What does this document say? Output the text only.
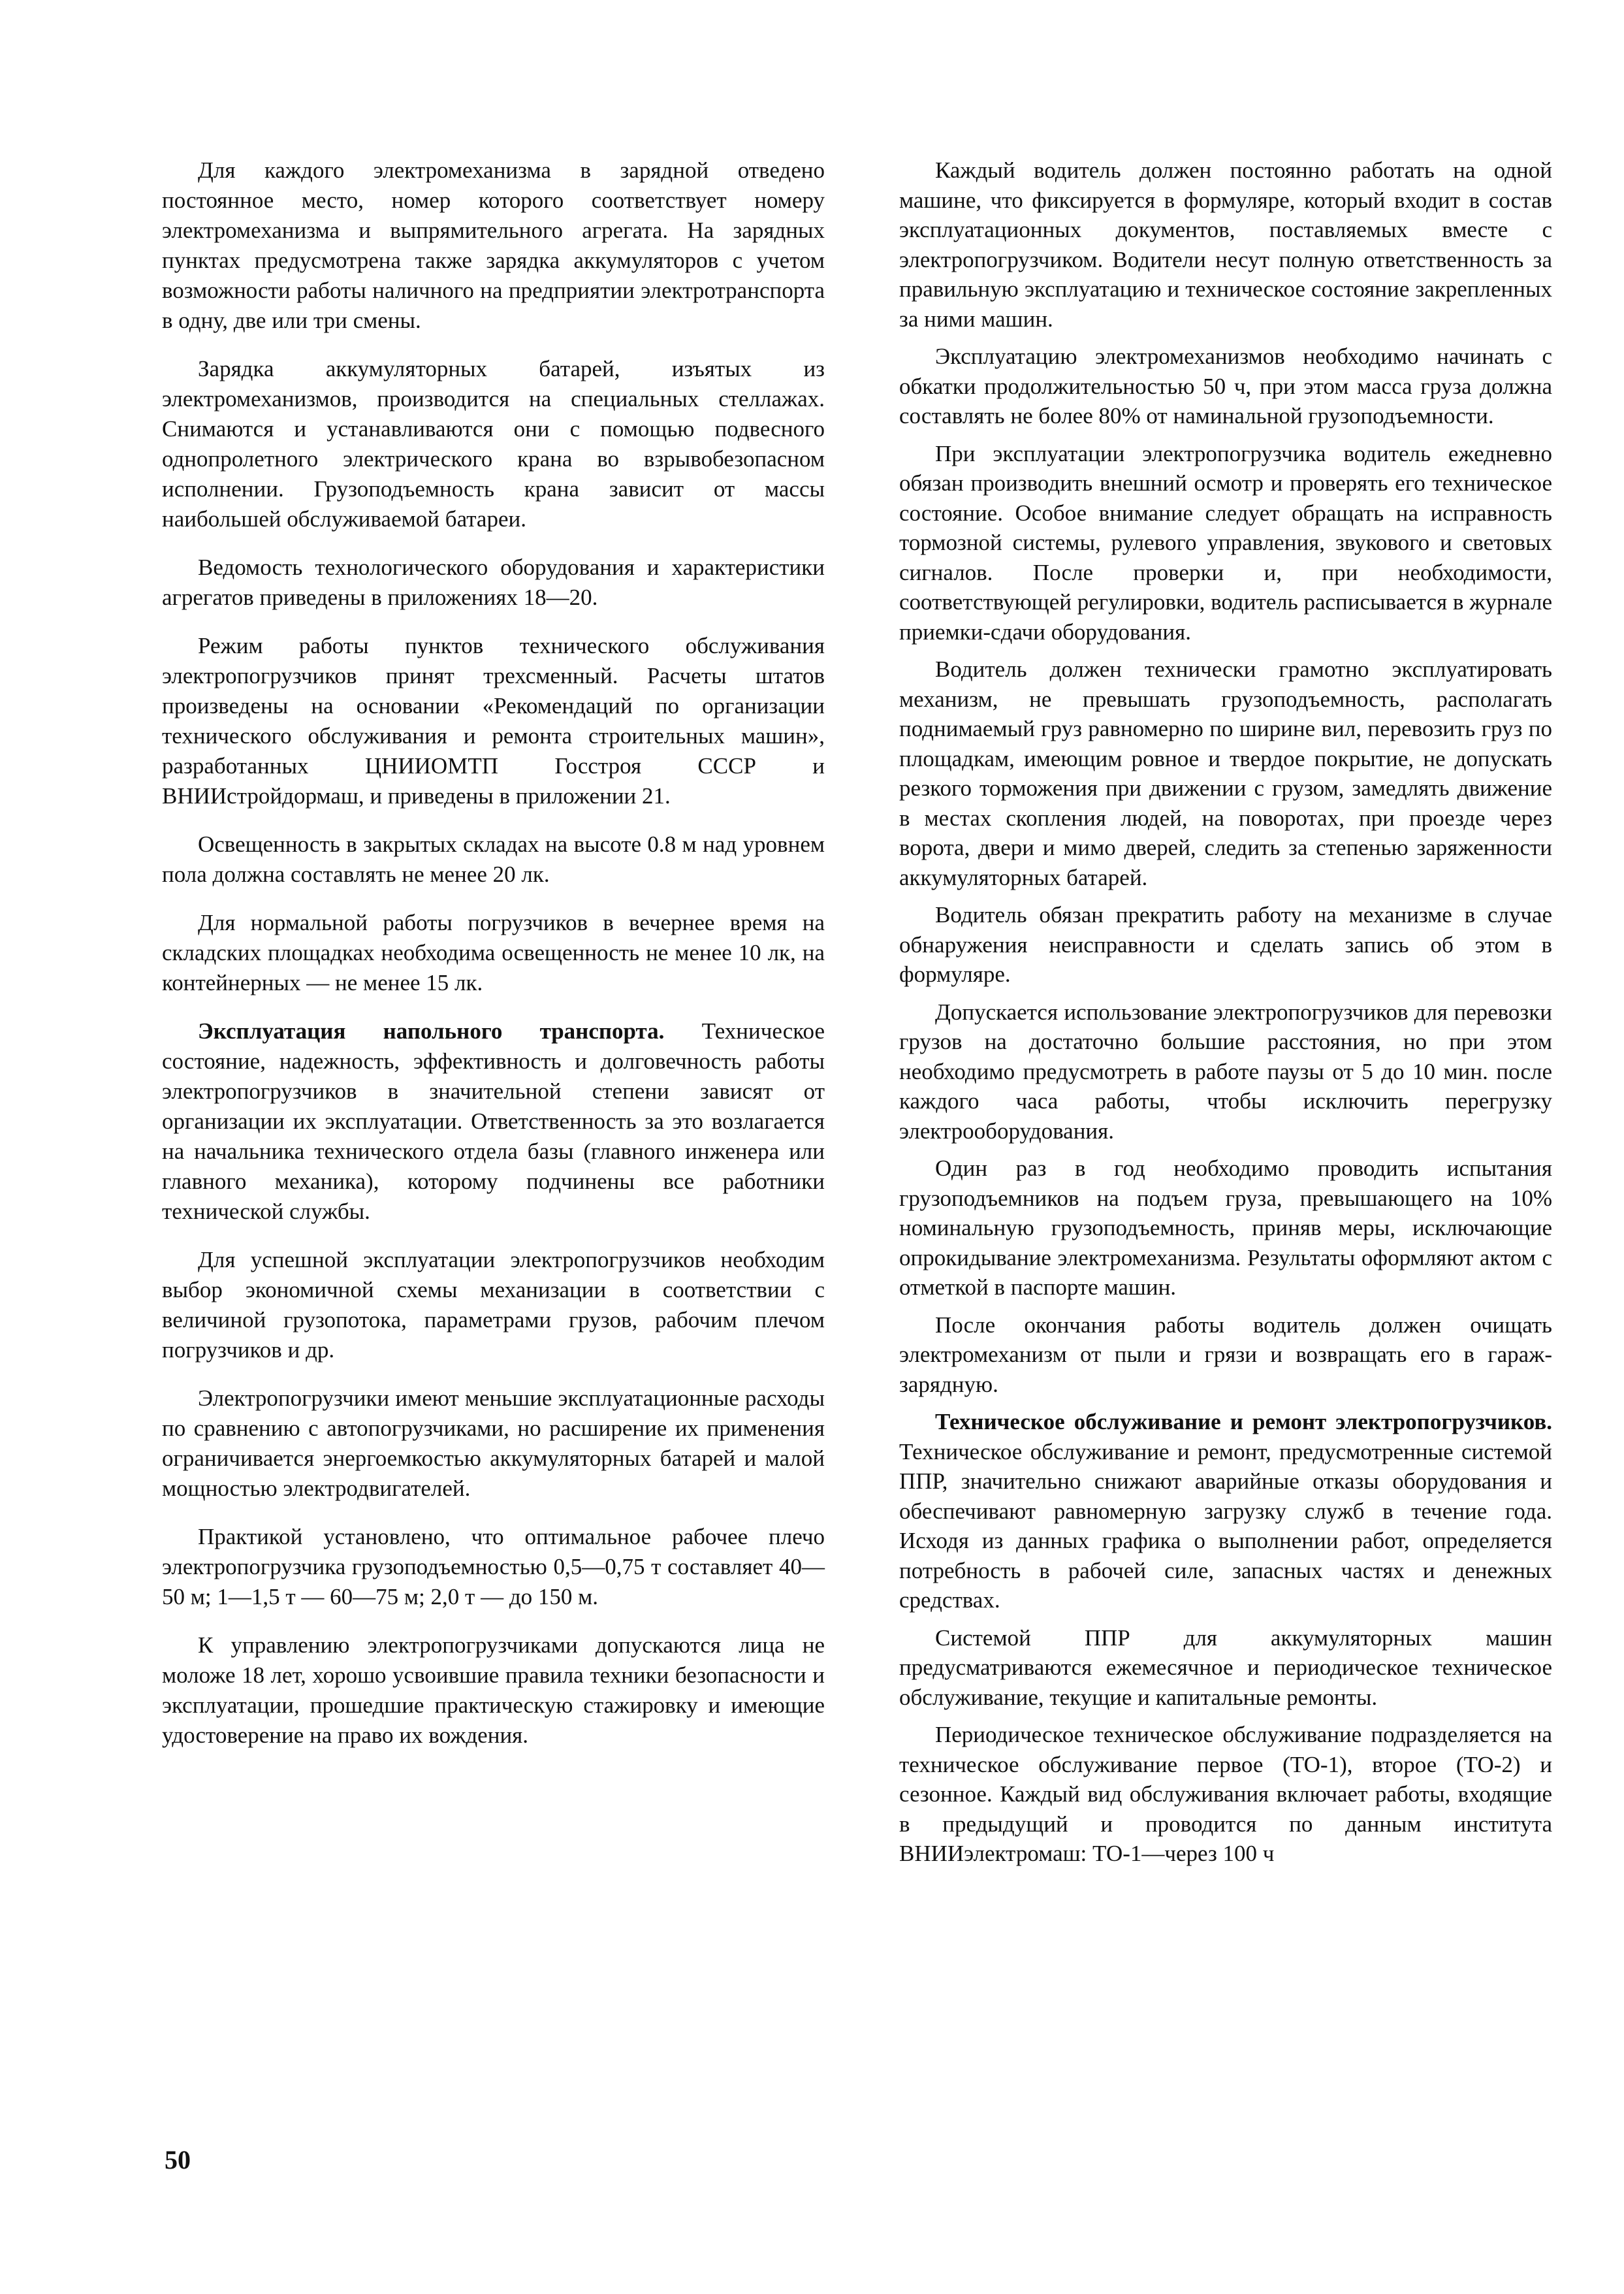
Для каждого электромеханизма в зарядной отведено постоянное место, номер которого соответствует номеру электромеханизма и выпрямительного агрегата. На зарядных пунктах предусмотрена также зарядка аккумуляторов с учетом возможности работы наличного на предприятии электротранспорта в одну, две или три смены.

Зарядка аккумуляторных батарей, изъятых из электромеханизмов, производится на специальных стеллажах. Снимаются и устанавливаются они с помощью подвесного однопролетного электрического крана во взрывобезопасном исполнении. Грузоподъемность крана зависит от массы наибольшей обслуживаемой батареи.

Ведомость технологического оборудования и характеристики агрегатов приведены в приложениях 18—20.

Режим работы пунктов технического обслуживания электропогрузчиков принят трехсменный. Расчеты штатов произведены на основании «Рекомендаций по организации технического обслуживания и ремонта строительных машин», разработанных ЦНИИОМТП Госстроя СССР и ВНИИстройдормаш, и приведены в приложении 21.

Освещенность в закрытых складах на высоте 0.8 м над уровнем пола должна составлять не менее 20 лк.

Для нормальной работы погрузчиков в вечернее время на складских площадках необходима освещенность не менее 10 лк, на контейнерных — не менее 15 лк.

Эксплуатация напольного транспорта. Техническое состояние, надежность, эффективность и долговечность работы электропогрузчиков в значительной степени зависят от организации их эксплуатации. Ответственность за это возлагается на начальника технического отдела базы (главного инженера или главного механика), которому подчинены все работники технической службы.

Для успешной эксплуатации электропогрузчиков необходим выбор экономичной схемы механизации в соответствии с величиной грузопотока, параметрами грузов, рабочим плечом погрузчиков и др.

Электропогрузчики имеют меньшие эксплуатационные расходы по сравнению с автопогрузчиками, но расширение их применения ограничивается энергоемкостью аккумуляторных батарей и малой мощностью электродвигателей.

Практикой установлено, что оптимальное рабочее плечо электропогрузчика грузоподъемностью 0,5—0,75 т составляет 40—50 м; 1—1,5 т — 60—75 м; 2,0 т — до 150 м.

К управлению электропогрузчиками допускаются лица не моложе 18 лет, хорошо усвоившие правила техники безопасности и эксплуатации, прошедшие практическую стажировку и имеющие удостоверение на право их вождения.

Каждый водитель должен постоянно работать на одной машине, что фиксируется в формуляре, который входит в состав эксплуатационных документов, поставляемых вместе с электропогрузчиком. Водители несут полную ответственность за правильную эксплуатацию и техническое состояние закрепленных за ними машин.

Эксплуатацию электромеханизмов необходимо начинать с обкатки продолжительностью 50 ч, при этом масса груза должна составлять не более 80% от наминальной грузоподъемности.

При эксплуатации электропогрузчика водитель ежедневно обязан производить внешний осмотр и проверять его техническое состояние. Особое внимание следует обращать на исправность тормозной системы, рулевого управления, звукового и световых сигналов. После проверки и, при необходимости, соответствующей регулировки, водитель расписывается в журнале приемки-сдачи оборудования.

Водитель должен технически грамотно эксплуатировать механизм, не превышать грузоподъемность, располагать поднимаемый груз равномерно по ширине вил, перевозить груз по площадкам, имеющим ровное и твердое покрытие, не допускать резкого торможения при движении с грузом, замедлять движение в местах скопления людей, на поворотах, при проезде через ворота, двери и мимо дверей, следить за степенью заряженности аккумуляторных батарей.

Водитель обязан прекратить работу на механизме в случае обнаружения неисправности и сделать запись об этом в формуляре.

Допускается использование электропогрузчиков для перевозки грузов на достаточно большие расстояния, но при этом необходимо предусмотреть в работе паузы от 5 до 10 мин. после каждого часа работы, чтобы исключить перегрузку электрооборудования.

Один раз в год необходимо проводить испытания грузоподъемников на подъем груза, превышающего на 10% номинальную грузоподъемность, приняв меры, исключающие опрокидывание электромеханизма. Результаты оформляют актом с отметкой в паспорте машин.

После окончания работы водитель должен очищать электромеханизм от пыли и грязи и возвращать его в гараж-зарядную.

Техническое обслуживание и ремонт электропогрузчиков. Техническое обслуживание и ремонт, предусмотренные системой ППР, значительно снижают аварийные отказы оборудования и обеспечивают равномерную загрузку служб в течение года. Исходя из данных графика о выполнении работ, определяется потребность в рабочей силе, запасных частях и денежных средствах.

Системой ППР для аккумуляторных машин предусматриваются ежемесячное и периодическое техническое обслуживание, текущие и капитальные ремонты.

Периодическое техническое обслуживание подразделяется на техническое обслуживание первое (ТО-1), второе (ТО-2) и сезонное. Каждый вид обслуживания включает работы, входящие в предыдущий и проводится по данным института ВНИИэлектромаш: ТО-1—через 100 ч

50
